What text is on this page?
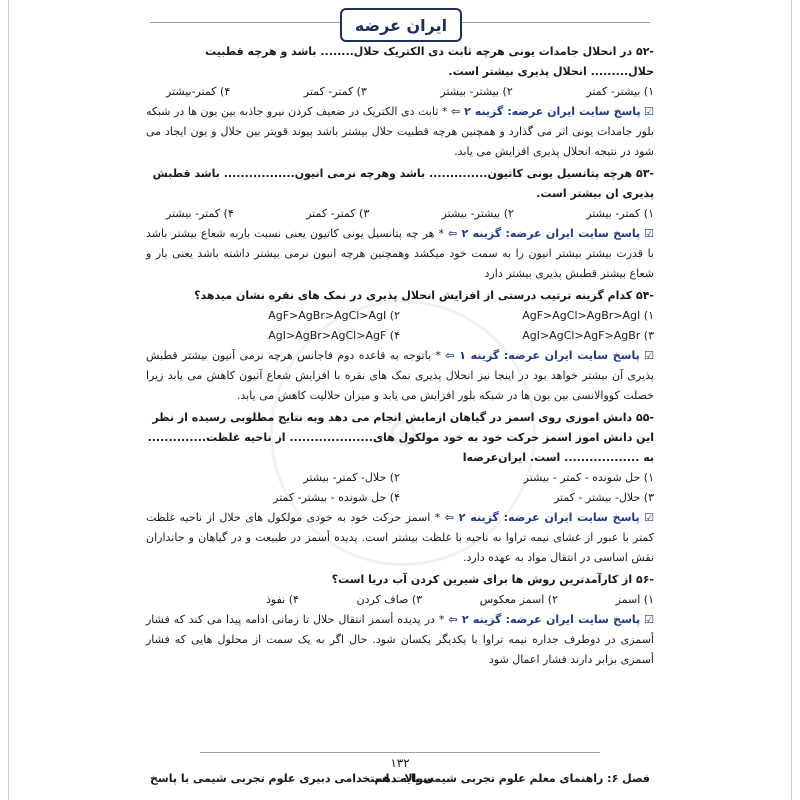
ایران عرضه
⊙
-۵۲ در انحلال جامدات یونی هرچه ثابت دی الکتریک حلال........ باشد و هرچه قطبیت حلال......... انحلال پذیری بیشتر است.
۱) بیشتر- کمتر
۲) بیشتر- بیشتر
۳) کمتر- کمتر
۴) کمتر-بیشتر
☑ پاسخ سایت ایران عرضه: گزینه ۲ ⇦ * ثابت دی الکتریک در ضعیف کردن نیرو جاذبه بین یون ها در شبکه بلور جامدات یونی اثر می گذارد و همچنین هرچه قطبیت حلال بیشتر باشد پیوند قویتر بین حلال و یون ایجاد می شود در نتیجه انحلال پذیری افزایش می یابد.
-۵۳ هرچه پتانسیل یونی کاتیون.............. باشد وهرچه نرمی انیون................. باشد قطبش پذیری ان بیشتر است.
۱) کمتر- بیشتر
۲) بیشتر- بیشتر
۳) کمتر- کمتر
۴) کمتر- بیشتر
☑ پاسخ سایت ایران عرضه: گزینه ۲ ⇦ * هر چه پتانسیل یونی کاتیون یعنی نسبت باربه شعاع بیشتر باشد با قدرت بیشتر بیشتر انیون را به سمت خود میکشد وهمچنین هرچه انیون نرمی بیشتر داشته باشد یعنی بار و شعاع بیشتر قطبش پذیری بیشتر دارد
-۵۴ کدام گزینه ترتیب درستی از افزایش انحلال پذیری در نمک های نقره نشان میدهد؟
۱) AgF>AgCl>AgBr>AgI
۲) AgF>AgBr>AgCl>AgI
۳) AgI>AgCl>AgF>AgBr
۴) AgI>AgBr>AgCl>AgF
☑ پاسخ سایت ایران عرضه: گزینه ۱ ⇦ * باتوجه به قاعده دوم فاجانس هرچه نرمی آنیون بیشتر قطبش پذیری آن بیشتر خواهد بود در اینجا نیز انحلال پذیری نمک های نقره با افزایش شعاع آنیون کاهش می یابد زیرا خصلت کووالانسی بین یون ها در شبکه بلور افزایش می یابد و میزان حلالیت کاهش می یابد.
-۵۵ دانش اموزی روی اسمز در گیاهان ازمایش انجام می دهد وبه نتایج مطلوبی رسیده از نظر این دانش اموز اسمز حرکت خود به خود مولکول های.................... از ناحیه غلظت.............. به .................. است. ایران‌عرضه‌ا
۱) حل شونده - کمتر - بیشتر
۲) حلال- کمتر- بیشتر
۳) حلال- بیشتر - کمتر
۴) حل شونده - بیشتر- کمتر
☑ پاسخ سایت ایران عرضه: گزینه ۲ ⇦ * اسمز حرکت خود به خودی مولکول های حلال از ناحیه غلظت کمتر با عبور از غشای نیمه تراوا به ناحیه با غلظت بیشتر است. پدیده أسمز در طبیعت و در گیاهان و جانداران نقش اساسی در انتقال مواد به عهده دارد.
-۵۶ از کارآمدترین روش ها برای شیرین کردن آب دریا است؟
۱) اسمز
۲) اسمز معکوس
۳) صاف کردن
۴) نفوذ
☑ پاسخ سایت ایران عرضه: گزینه ۲ ⇦ * در پدیده أسمز انتقال حلال تا زمانی ادامه پیدا می کند که فشار أسمزی در دوطرف جداره نیمه تراوا با یکدیگر یکسان شود. حال اگر به یک سمت از محلول هایی که فشار أسمزی برابر دارند فشار اعمال شود
۱۳۲
فصل ۶: راهنمای معلم علوم تجربی شیمی پایه دهم
سوالات استخدامی دبیری علوم تجربی شیمی با پاسخ
